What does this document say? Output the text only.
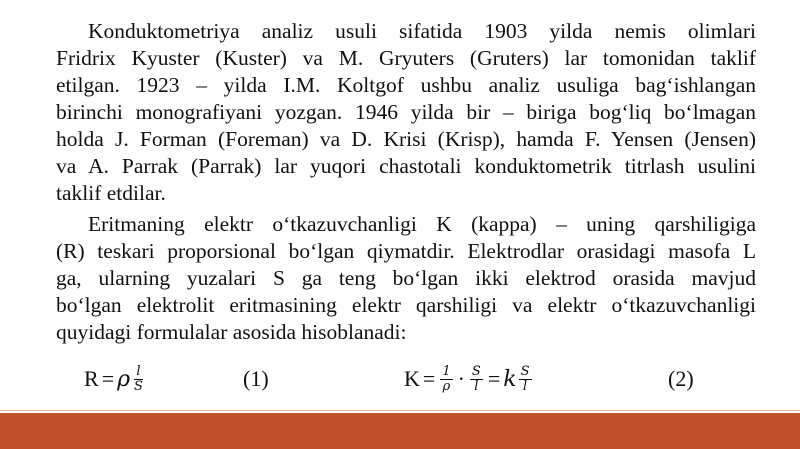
Konduktometriya analiz usuli sifatida 1903 yilda nemis olimlari
Fridrix Kyuster (Kuster) va M. Gryuters (Gruters) lar tomonidan taklif
etilgan. 1923 – yilda I.M. Koltgof ushbu analiz usuliga bag‘ishlangan
birinchi monografiyani yozgan. 1946 yilda bir – biriga bog‘liq bo‘lmagan
holda J. Forman (Foreman) va D. Krisi (Krisp), hamda F. Yensen (Jensen)
va A. Parrak (Parrak) lar yuqori chastotali konduktometrik titrlash usulini
taklif etdilar.
Eritmaning elektr o‘tkazuvchanligi K (kappa) – uning qarshiligiga
(R) teskari proporsional bo‘lgan qiymatdir. Elektrodlar orasidagi masofa L
ga, ularning yuzalari S ga teng bo‘lgan ikki elektrod orasida mavjud
bo‘lgan elektrolit eritmasining elektr qarshiligi va elektr o‘tkazuvchanligi
quyidagi formulalar asosida hisoblanadi:
R = ρ $\frac{l}{S}$	(1)	$K = \frac{1}{\rho} \cdot \frac{S}{l} = k \frac{S}{l}$	(2)
